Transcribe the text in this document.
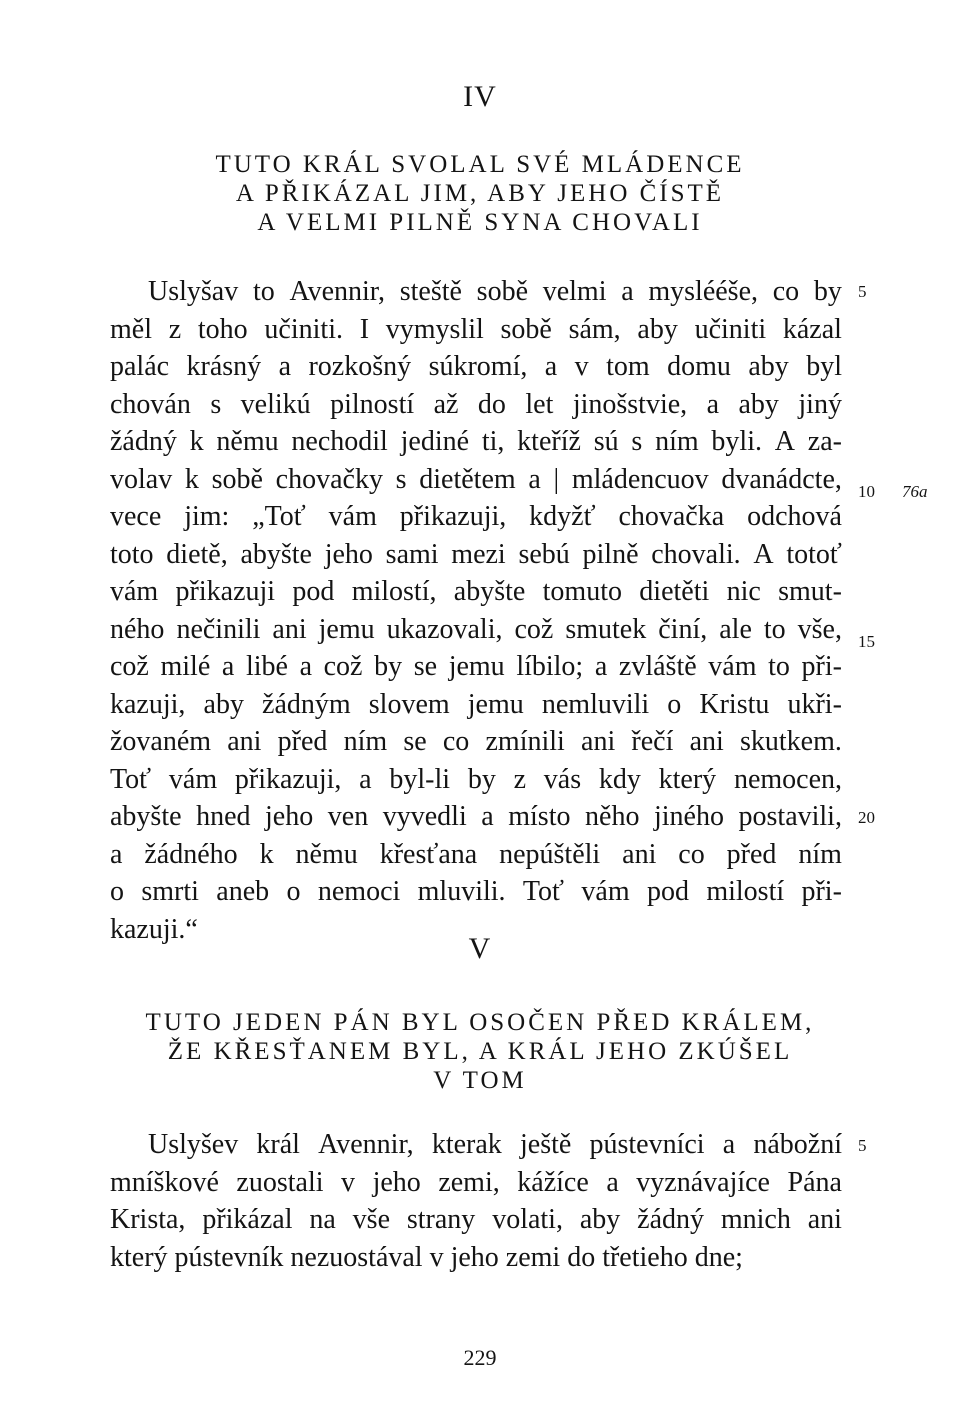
IV
TUTO KRÁL SVOLAL SVÉ MLÁDENCE
A PŘIKÁZAL JIM, ABY JEHO ČÍSTĚ
A VELMI PILNĚ SYNA CHOVALI
Uslyšav to Avennir, steště sobě velmi a myslééše, co by
měl z toho učiniti. I vymyslil sobě sám, aby učiniti kázal
palác krásný a rozkošný súkromí, a v tom domu aby byl
chován s velikú pilností až do let jinošstvie, a aby jiný
žádný k němu nechodil jediné ti, kteříž sú s ním byli. A za-
volav k sobě chovačky s dietětem a | mládencuov dvanádcte,
vece jim: „Toť vám přikazuji, kdyžť chovačka odchová
toto dietě, abyšte jeho sami mezi sebú pilně chovali. A totoť
vám přikazuji pod milostí, abyšte tomuto dietěti nic smut-
ného nečinili ani jemu ukazovali, což smutek činí, ale to vše,
což milé a libé a což by se jemu líbilo; a zvláště vám to při-
kazuji, aby žádným slovem jemu nemluvili o Kristu ukři-
žovaném ani před ním se co zmínili ani řečí ani skutkem.
Toť vám přikazuji, a byl-li by z vás kdy který nemocen,
abyšte hned jeho ven vyvedli a místo něho jiného postavili,
a žádného k němu křesťana nepúštěli ani co před ním
o smrti aneb o nemoci mluvili. Toť vám pod milostí při-
kazuji.“
5
10 76a
15
20
V
TUTO JEDEN PÁN BYL OSOČEN PŘED KRÁLEM,
ŽE KŘESŤANEM BYL, A KRÁL JEHO ZKÚŠEL
V TOM
Uslyšev král Avennir, kterak ještě pústevníci a nábožní
mníškové zuostali v jeho zemi, kážíce a vyznávajíce Pána
Krista, přikázal na vše strany volati, aby žádný mnich ani
který pústevník nezuostával v jeho zemi do třetieho dne;
5
229
